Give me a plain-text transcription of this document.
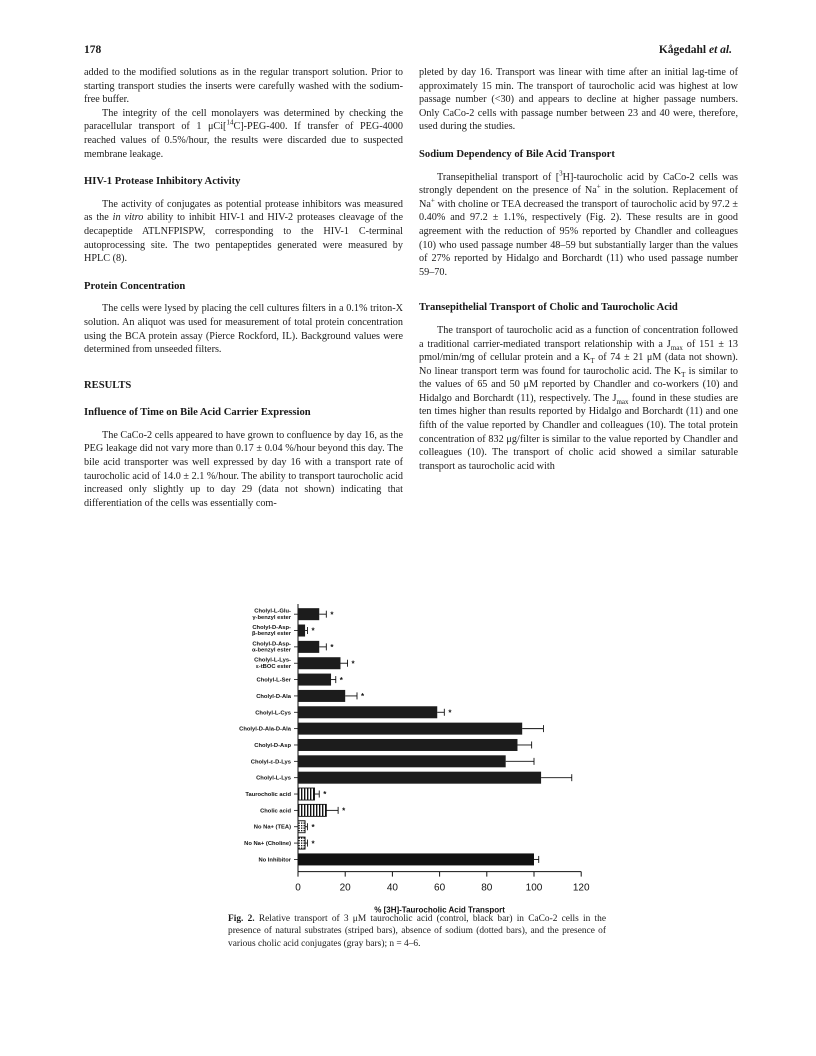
178	Kågedahl et al.

added to the modified solutions as in the regular transport solution. Prior to starting transport studies the inserts were carefully washed with the sodium-free buffer.

The integrity of the cell monolayers was determined by checking the paracellular transport of 1 μCi[$^{14}$C]-PEG-400. If transfer of PEG-4000 reached values of 0.5%/hour, the results were discarded due to suspected membrane leakage.

HIV-1 Protease Inhibitory Activity

The activity of conjugates as potential protease inhibitors was measured as the in vitro ability to inhibit HIV-1 and HIV-2 proteases cleavage of the decapeptide ATLNFPISPW, corresponding to the HIV-1 C-terminal autoprocessing site. The two pentapeptides generated were measured by HPLC (8).

Protein Concentration

The cells were lysed by placing the cell cultures filters in a 0.1% triton-X solution. An aliquot was used for measurement of total protein concentration using the BCA protein assay (Pierce Rockford, IL). Background values were determined from unseeded filters.

RESULTS
Influence of Time on Bile Acid Carrier Expression

The CaCo-2 cells appeared to have grown to confluence by day 16, as the PEG leakage did not vary more than 0.17 ± 0.04 %/hour beyond this day. The bile acid transporter was well expressed by day 16 with a transport rate of taurocholic acid of 14.0 ± 2.1 %/hour. The ability to transport taurocholic acid increased only slightly up to day 29 (data not shown) indicating that differentiation of the cells was essentially com-

pleted by day 16. Transport was linear with time after an initial lag-time of approximately 15 min. The transport of taurocholic acid was highest at low passage number (<30) and appears to decline at higher passage numbers. Only CaCo-2 cells with passage number between 23 and 40 were, therefore, used during the studies.

Sodium Dependency of Bile Acid Transport

Transepithelial transport of [$^3$H]-taurocholic acid by CaCo-2 cells was strongly dependent on the presence of Na+ in the solution. Replacement of Na+ with choline or TEA decreased the transport of taurocholic acid by 97.2 ± 0.40% and 97.2 ± 1.1%, respectively (Fig. 2). These results are in good agreement with the reduction of 95% reported by Chandler and colleagues (10) who used passage number 48–59 but substantially larger than the values of 27% reported by Hidalgo and Borchardt (11) who used passage number 59–70.

Transepithelial Transport of Cholic and Taurocholic Acid

The transport of taurocholic acid as a function of concentration followed a traditional carrier-mediated transport relationship with a $J_{max}$ of 151 ± 13 pmol/min/mg of cellular protein and a $K_T$ of 74 ± 21 μM (data not shown). No linear transport term was found for taurocholic acid. The $K_T$ is similar to the values of 65 and 50 μM reported by Chandler and co-workers (10) and Hidalgo and Borchardt (11), respectively. The $J_{max}$ found in these studies are ten times higher than results reported by Hidalgo and Borchardt (11) and one fifth of the value reported by Chandler and colleagues (10). The total protein concentration of 832 μg/filter is similar to the value reported by Chandler and colleagues (10). The transport of cholic acid showed a similar saturable transport as taurocholic acid with

Cholyl-L-Glu-γ-benzyl ester	*
Cholyl-D-Asp-β-benzyl ester	*
Cholyl-D-Asp-α-benzyl ester	*
Cholyl-L-Lys-ε-tBOC ester	*
Cholyl-L-Ser	*
Cholyl-D-Ala	*
Cholyl-L-Cys	*
Cholyl-D-Ala-D-Ala
Cholyl-D-Asp
Cholyl-ε-D-Lys
Cholyl-L-Lys
Taurocholic acid	*
Cholic acid	*
No Na+ (TEA)	*
No Na+ (Choline)	*
No Inhibitor
0	20	40	60	80	100	120
% [3H]-Taurocholic Acid Transport
Fig. 2. Relative transport of 3 μM taurocholic acid (control, black bar) in CaCo-2 cells in the presence of natural substrates (striped bars), absence of sodium (dotted bars), and the presence of various cholic acid conjugates (gray bars); n = 4–6.
